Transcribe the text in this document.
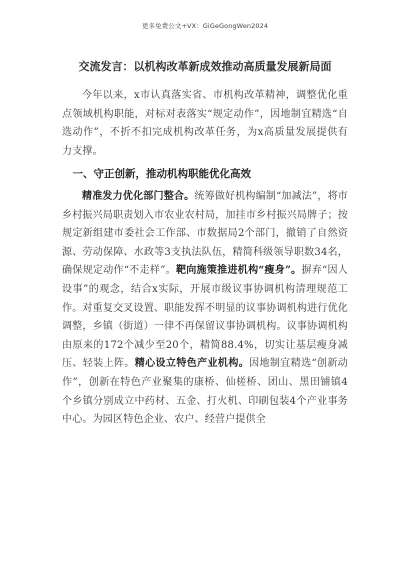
更多免费公文+VX：GiGeGongWen2024
交流发言：以机构改革新成效推动高质量发展新局面

今年以来，x市认真落实省、市机构改革精神，调整优化重点领域机构职能，对标对表落实“规定动作”，因地制宜精选“自选动作”，不折不扣完成机构改革任务，为x高质量发展提供有力支撑。

一、守正创新，推动机构职能优化高效

精准发力优化部门整合。统筹做好机构编制“加减法”，将市乡村振兴局职责划入市农业农村局，加挂市乡村振兴局牌子；按规定新组建市委社会工作部、市数据局2个部门，撤销了自然资源、劳动保障、水政等3支执法队伍，精简科级领导职数34名，确保规定动作“不走样”。靶向施策推进机构“瘦身”。摒弃“因人设事”的观念，结合x实际，开展市级议事协调机构清理规范工作。对重复交叉设置、职能发挥不明显的议事协调机构进行优化调整，乡镇（街道）一律不再保留议事协调机构。议事协调机构由原来的172个减少至20个，精简88.4%，切实让基层瘦身减压、轻装上阵。精心设立特色产业机构。因地制宜精选“创新动作”，创新在特色产业聚集的康桥、仙槎桥、团山、黑田铺镇4个乡镇分别成立中药材、五金、打火机、印刷包装4个产业事务中心。为园区特色企业、农户、经营户提供全
